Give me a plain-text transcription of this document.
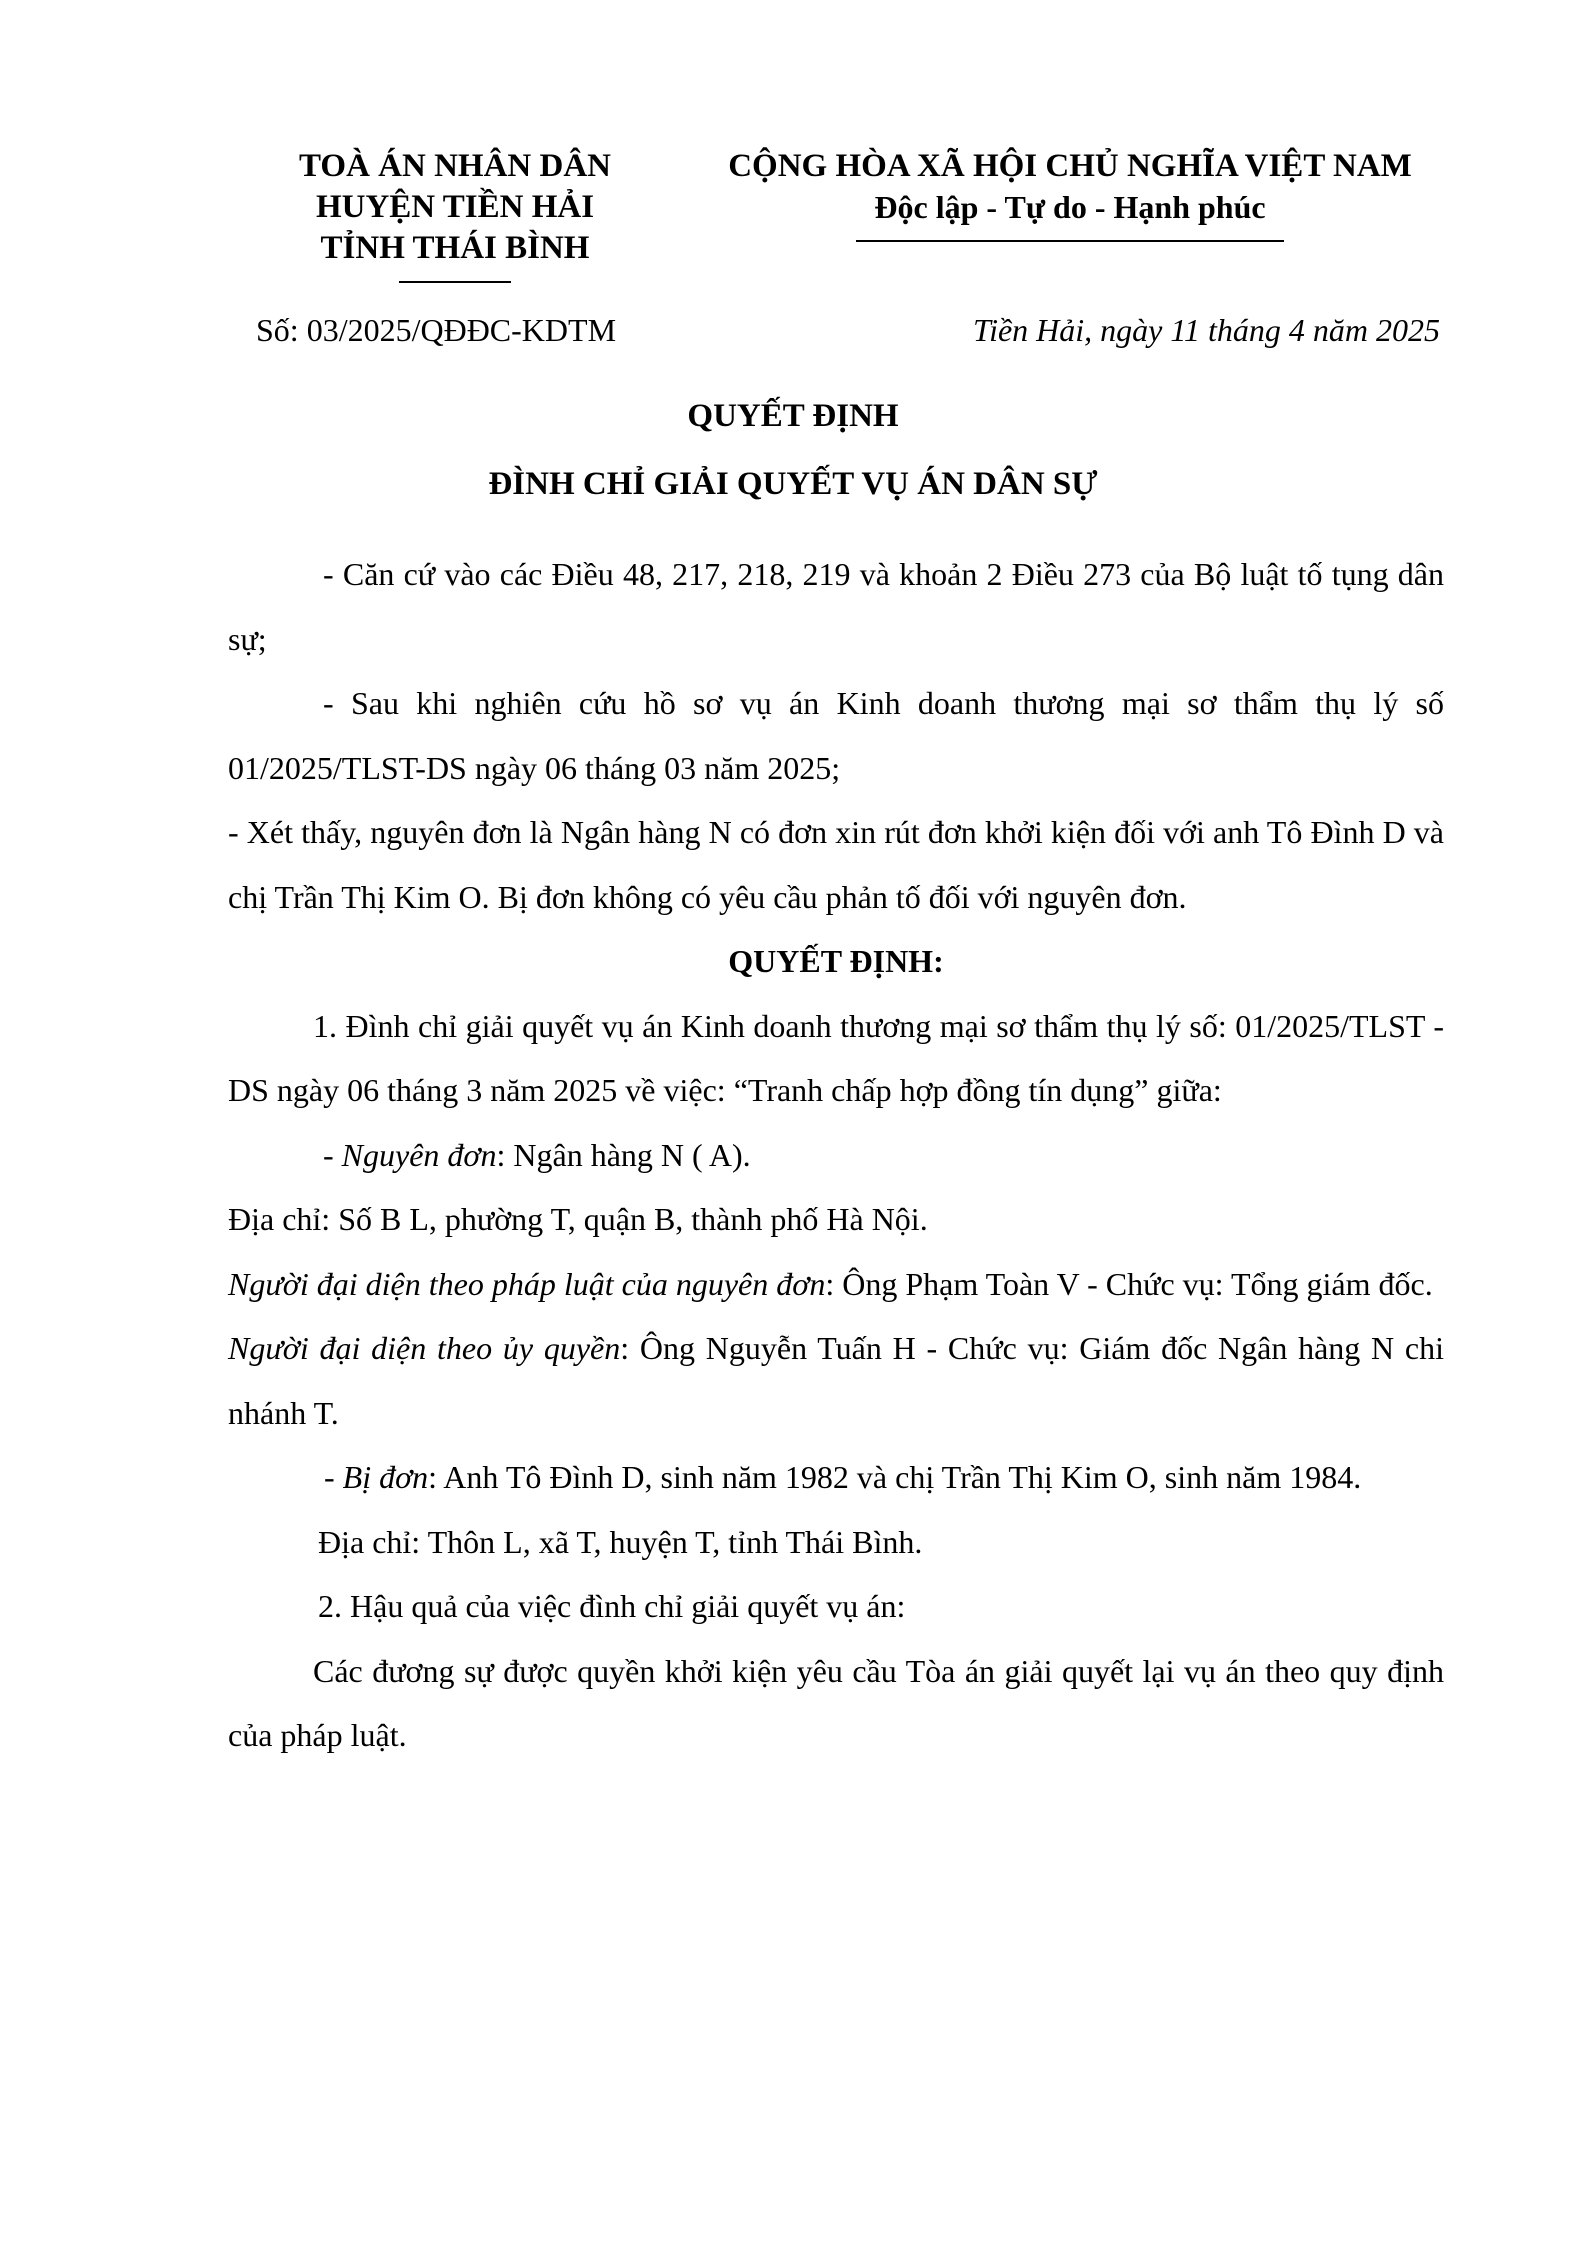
TOÀ ÁN NHÂN DÂN
HUYỆN TIỀN HẢI
TỈNH THÁI BÌNH
CỘNG HÒA XÃ HỘI CHỦ NGHĨA VIỆT NAM
Độc lập - Tự do - Hạnh phúc
Số: 03/2025/QĐĐC-KDTM	Tiền Hải, ngày 11 tháng 4 năm 2025
QUYẾT ĐỊNH
ĐÌNH CHỈ GIẢI QUYẾT VỤ ÁN DÂN SỰ

- Căn cứ vào các Điều 48, 217, 218, 219 và khoản 2 Điều 273 của Bộ luật tố tụng dân sự;

- Sau khi nghiên cứu hồ sơ vụ án Kinh doanh thương mại sơ thẩm thụ lý số 01/2025/TLST-DS ngày 06 tháng 03 năm 2025;

- Xét thấy, nguyên đơn là Ngân hàng N có đơn xin rút đơn khởi kiện đối với anh Tô Đình D và chị Trần Thị Kim O. Bị đơn không có yêu cầu phản tố đối với nguyên đơn.

QUYẾT ĐỊNH:

1. Đình chỉ giải quyết vụ án Kinh doanh thương mại sơ thẩm thụ lý số: 01/2025/TLST - DS ngày 06 tháng 3 năm 2025 về việc: “Tranh chấp hợp đồng tín dụng” giữa:

- Nguyên đơn: Ngân hàng N ( A).

Địa chỉ: Số B L, phường T, quận B, thành phố Hà Nội.

Người đại diện theo pháp luật của nguyên đơn: Ông Phạm Toàn V - Chức vụ: Tổng giám đốc.

Người đại diện theo ủy quyền: Ông Nguyễn Tuấn H - Chức vụ: Giám đốc Ngân hàng N chi nhánh T.

- Bị đơn: Anh Tô Đình D, sinh năm 1982 và chị Trần Thị Kim O, sinh năm 1984.

Địa chỉ: Thôn L, xã T, huyện T, tỉnh Thái Bình.

2. Hậu quả của việc đình chỉ giải quyết vụ án:

Các đương sự được quyền khởi kiện yêu cầu Tòa án giải quyết lại vụ án theo quy định của pháp luật.
